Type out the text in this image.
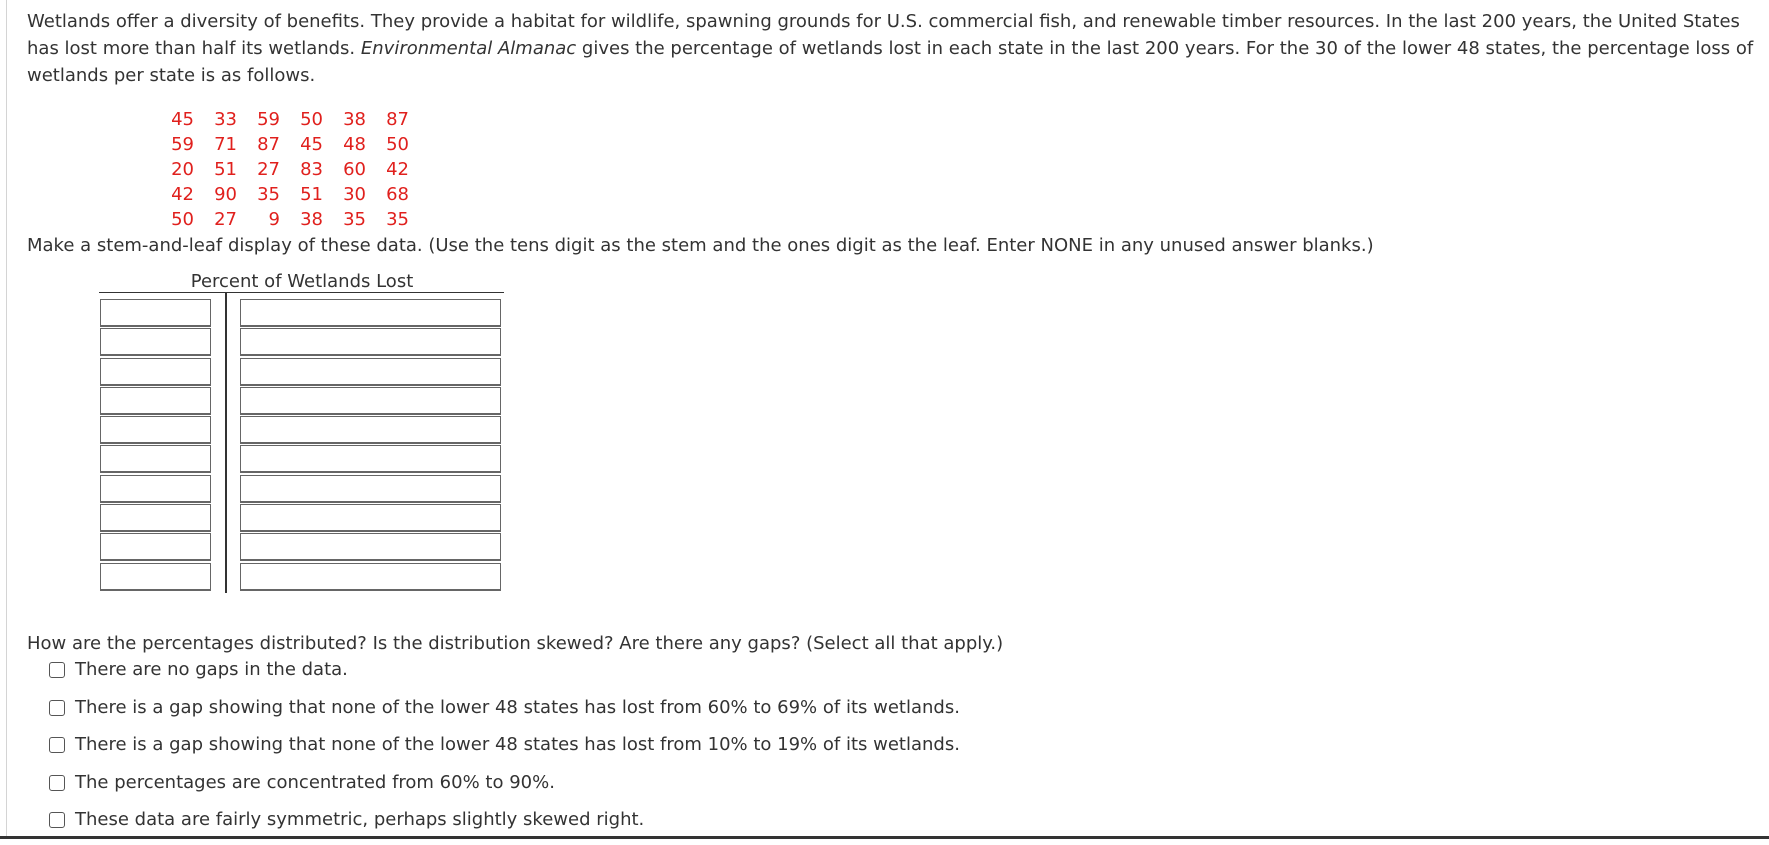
Wetlands offer a diversity of benefits. They provide a habitat for wildlife, spawning grounds for U.S. commercial fish, and renewable timber resources. In the last 200 years, the United States has lost more than half its wetlands. Environmental Almanac gives the percentage of wetlands lost in each state in the last 200 years. For the 30 of the lower 48 states, the percentage loss of wetlands per state is as follows.

45	33	59	50	38	87
59	71	87	45	48	50
20	51	27	83	60	42
42	90	35	51	30	68
50	27	9	38	35	35

Make a stem-and-leaf display of these data. (Use the tens digit as the stem and the ones digit as the leaf. Enter NONE in any unused answer blanks.)

Percent of Wetlands Lost

How are the percentages distributed? Is the distribution skewed? Are there any gaps? (Select all that apply.)

There are no gaps in the data.
There is a gap showing that none of the lower 48 states has lost from 60% to 69% of its wetlands.
There is a gap showing that none of the lower 48 states has lost from 10% to 19% of its wetlands.
The percentages are concentrated from 60% to 90%.
These data are fairly symmetric, perhaps slightly skewed right.
